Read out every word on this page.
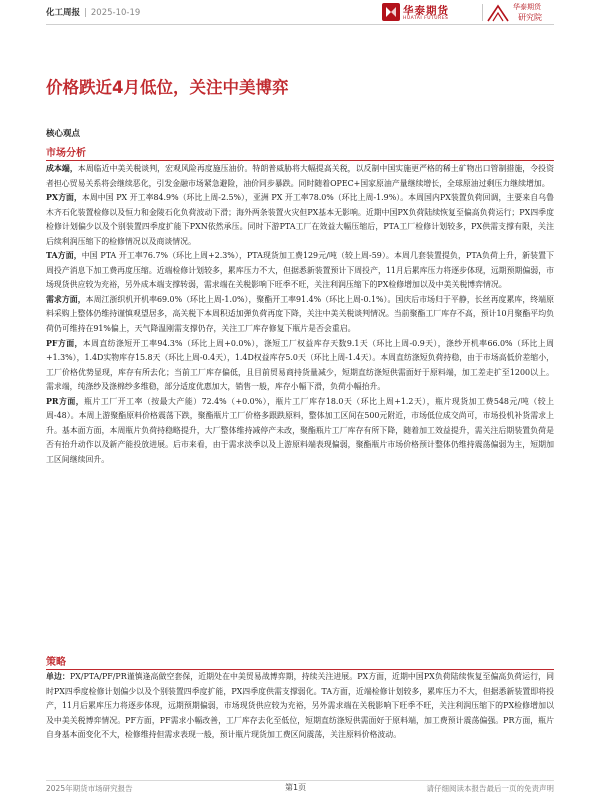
化工周报 | 2025-10-19	华泰期货
HUATAI FUTURES
华泰期货
研究院
价格跌近4月低位，关注中美博弈
核心观点
市场分析

成本端，本周临近中美关税谈判，宏观风险再度施压油价。特朗普威胁将大幅提高关税，以反制中国实施更严格的稀土矿物出口管制措施，令投资者担心贸易关系将会继续恶化，引发金融市场紧急避险，油价同步暴跌。同时随着OPEC+国家原油产量继续增长，全球原油过剩压力继续增加。

PX方面，本周中国 PX 开工率84.9%（环比上周-2.5%），亚洲 PX 开工率78.0%（环比上周-1.9%）。本周国内PX装置负荷回调，主要来自乌鲁木齐石化装置检修以及恒力和金陵石化负荷波动下滑；海外两条装置火灾但PX基本无影响。近期中国PX负荷陆续恢复至偏高负荷运行；PX四季度检修计划偏少以及个别装置四季度扩能下PXN依然承压。同时下游PTA工厂在效益大幅压缩后，PTA工厂检修计划较多，PX供需支撑有限，关注后续利润压缩下的检修情况以及商谈情况。

TA方面，中国 PTA 开工率76.7%（环比上周+2.3%），PTA现货加工费129元/吨（较上周-59）。本周几套装置提负，PTA负荷上升，新装置下周投产消息下加工费再度压缩。近端检修计划较多，累库压力不大，但据悉新装置预计下周投产，11月后累库压力将逐步体现，远期预期偏弱，市场现货供应较为充裕，另外成本端支撑转弱，需求端在关税影响下旺季不旺，关注利润压缩下的PX检修增加以及中美关税博弈情况。

需求方面，本周江浙织机开机率69.0%（环比上周-1.0%），聚酯开工率91.4%（环比上周-0.1%）。国庆后市场归于平静，长丝再度累库，终端原料采购上整体仍维持谨慎观望居多，高关税下本周积适加弹负荷再度下降，关注中美关税谈判情况。当前聚酯工厂库存不高，预计10月聚酯平均负荷仍可维持在91%偏上，天气降温刚需支撑仍存，关注工厂库存修复下瓶片是否会重启。

PF方面，本周直纺涤短开工率94.3%（环比上周+0.0%），涤短工厂权益库存天数9.1天（环比上周-0.9天），涤纱开机率66.0%（环比上周+1.3%），1.4D实物库存15.8天（环比上周-0.4天），1.4D权益库存5.0天（环比上周-1.4天）。本周直纺涤短负荷持稳，由于市场高低价差缩小，工厂价格优势显现，库存有所去化；当前工厂库存偏低，且目前贸易商持货量减少，短期直纺涤短供需面好于原料端，加工差走扩至1200以上。需求端，纯涤纱及涤棉纱多维稳，部分适度优惠加大，销售一般，库存小幅下滑，负荷小幅抬升。

PR方面，瓶片工厂开工率（按最大产能）72.4%（+0.0%），瓶片工厂库存18.0天（环比上周+1.2天），瓶片现货加工费548元/吨（较上周-48）。本周上游聚酯原料价格震荡下跌，聚酯瓶片工厂价格多跟跌原料，整体加工区间在500元附近，市场低位成交尚可，市场投机补货需求上升。基本面方面，本周瓶片负荷持稳略提升，大厂整体维持减停产未改，聚酯瓶片工厂库存有所下降，随着加工效益提升，需关注后期装置负荷是否有抬升动作以及新产能投放进展。后市来看，由于需求淡季以及上游原料端表现偏弱，聚酯瓶片市场价格预计整体仍维持震荡偏弱为主，短期加工区间继续回升。

策略

单边：PX/PTA/PF/PR谨慎逢高做空套保，近期处在中美贸易战博弈期，持续关注进展。PX方面，近期中国PX负荷陆续恢复至偏高负荷运行，同时PX四季度检修计划偏少以及个别装置四季度扩能，PX四季度供需支撑弱化。TA方面，近端检修计划较多，累库压力不大，但据悉新装置即将投产，11月后累库压力将逐步体现，远期预期偏弱，市场现货供应较为充裕，另外需求端在关税影响下旺季不旺，关注利润压缩下的PX检修增加以及中美关税博弈情况。PF方面，PF需求小幅改善，工厂库存去化至低位，短期直纺涤短供需面好于原料端，加工费预计震荡偏强。PR方面，瓶片自身基本面变化不大，检修维持但需求表现一般，预计瓶片现货加工费区间震荡，关注原料价格波动。

2025年期货市场研究报告	第1页	请仔细阅读本报告最后一页的免责声明
